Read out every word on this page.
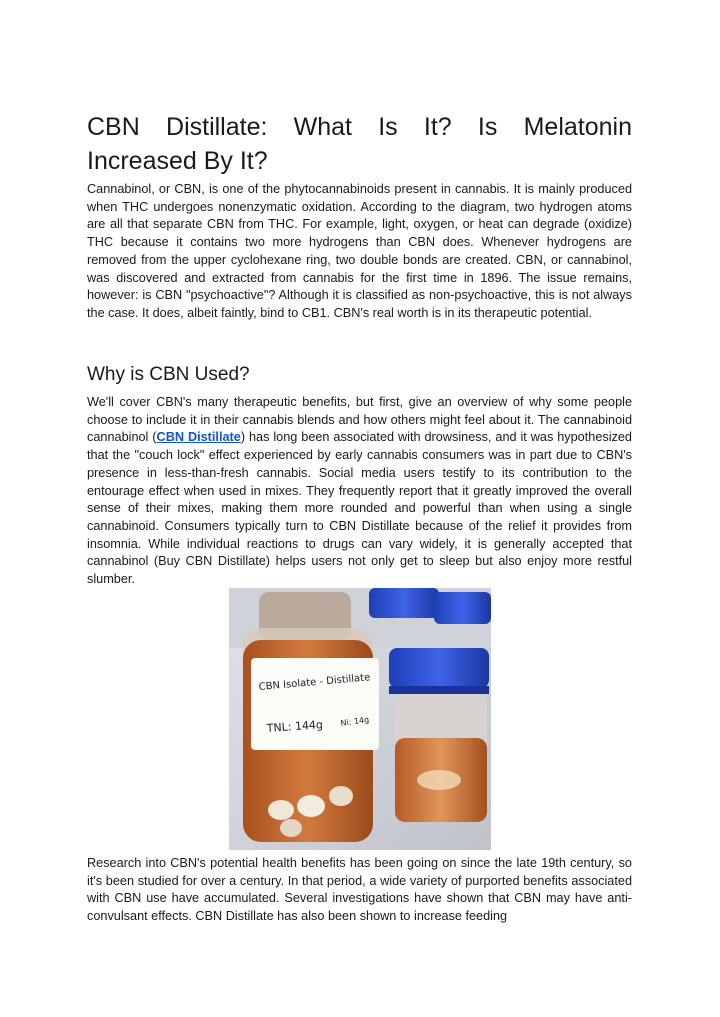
CBN Distillate: What Is It? Is Melatonin Increased By It?

Cannabinol, or CBN, is one of the phytocannabinoids present in cannabis. It is mainly produced when THC undergoes nonenzymatic oxidation. According to the diagram, two hydrogen atoms are all that separate CBN from THC. For example, light, oxygen, or heat can degrade (oxidize) THC because it contains two more hydrogens than CBN does. Whenever hydrogens are removed from the upper cyclohexane ring, two double bonds are created. CBN, or cannabinol, was discovered and extracted from cannabis for the first time in 1896. The issue remains, however: is CBN "psychoactive"? Although it is classified as non-psychoactive, this is not always the case. It does, albeit faintly, bind to CB1. CBN's real worth is in its therapeutic potential.

Why is CBN Used?

We'll cover CBN's many therapeutic benefits, but first, give an overview of why some people choose to include it in their cannabis blends and how others might feel about it. The cannabinoid cannabinol (CBN Distillate) has long been associated with drowsiness, and it was hypothesized that the "couch lock" effect experienced by early cannabis consumers was in part due to CBN's presence in less-than-fresh cannabis. Social media users testify to its contribution to the entourage effect when used in mixes. They frequently report that it greatly improved the overall sense of their mixes, making them more rounded and powerful than when using a single cannabinoid. Consumers typically turn to CBN Distillate because of the relief it provides from insomnia. While individual reactions to drugs can vary widely, it is generally accepted that cannabinol (Buy CBN Distillate) helps users not only get to sleep but also enjoy more restful slumber.

CBN Isolate - Distillate
TNL: 144g Ni: 14g

Research into CBN's potential health benefits has been going on since the late 19th century, so it's been studied for over a century. In that period, a wide variety of purported benefits associated with CBN use have accumulated. Several investigations have shown that CBN may have anti-convulsant effects. CBN Distillate has also been shown to increase feeding
